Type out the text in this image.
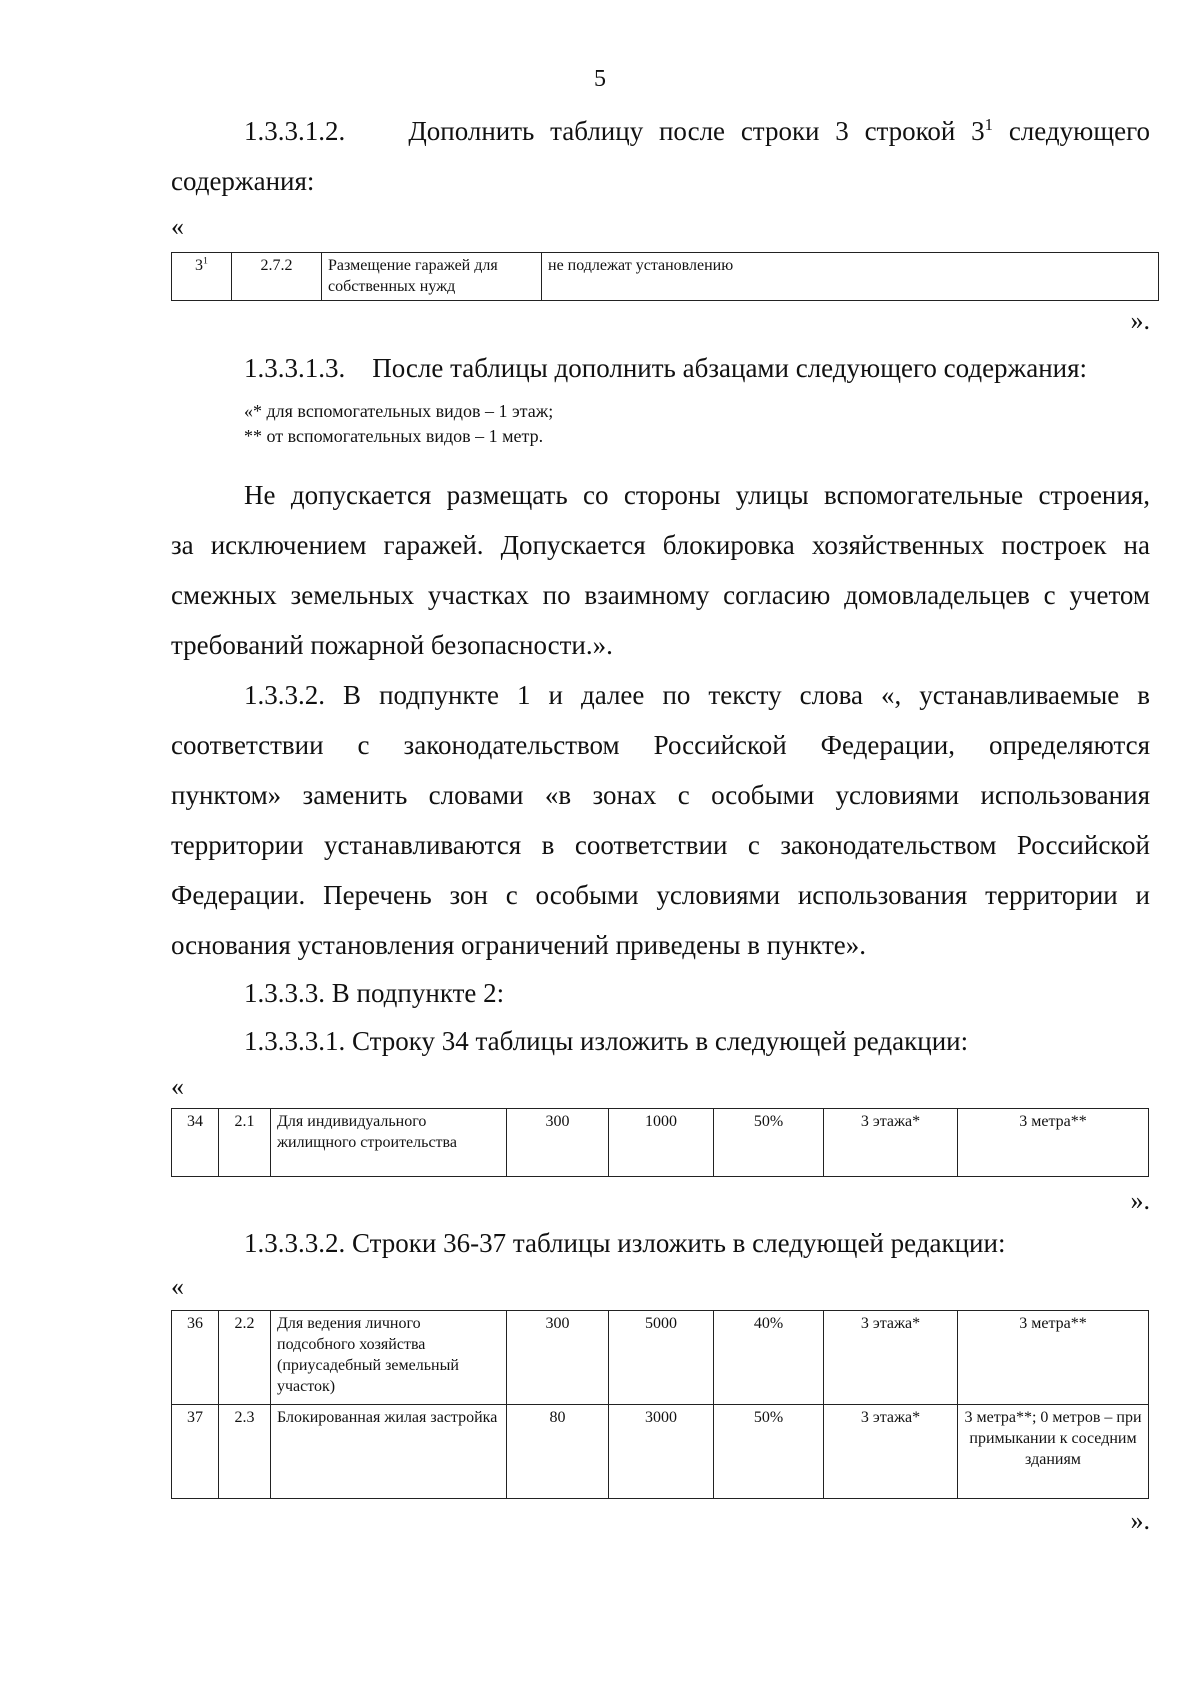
5
1.3.3.1.2. Дополнить таблицу после строки 3 строкой $3^1$ следующего
содержания:
«
$3^1$	2.7.2	Размещение гаражей для собственных нужд	не подлежат установлению
».
1.3.3.1.3.    После таблицы дополнить абзацами следующего содержания:
«* для вспомогательных видов – 1 этаж;
** от вспомогательных видов – 1 метр.
Не допускается размещать со стороны улицы вспомогательные строения,
за исключением гаражей. Допускается блокировка хозяйственных построек на
смежных земельных участках по взаимному согласию домовладельцев с учетом
требований пожарной безопасности.».
1.3.3.2. В подпункте 1 и далее по тексту слова «, устанавливаемые в
соответствии с законодательством Российской Федерации, определяются
пунктом» заменить словами «в зонах с особыми условиями использования
территории устанавливаются в соответствии с законодательством Российской
Федерации. Перечень зон с особыми условиями использования территории и
основания установления ограничений приведены в пункте».
1.3.3.3. В подпункте 2:
1.3.3.3.1. Строку 34 таблицы изложить в следующей редакции:
«
34	2.1	Для индивидуального жилищного строительства	300	1000	50%	3 этажа*	3 метра**
».
1.3.3.3.2. Строки 36-37 таблицы изложить в следующей редакции:
«
36	2.2	Для ведения личного подсобного хозяйства (приусадебный земельный участок)	300	5000	40%	3 этажа*	3 метра**
37	2.3	Блокированная жилая застройка	80	3000	50%	3 этажа*	3 метра**; 0 метров – при примыкании к соседним зданиям
».
